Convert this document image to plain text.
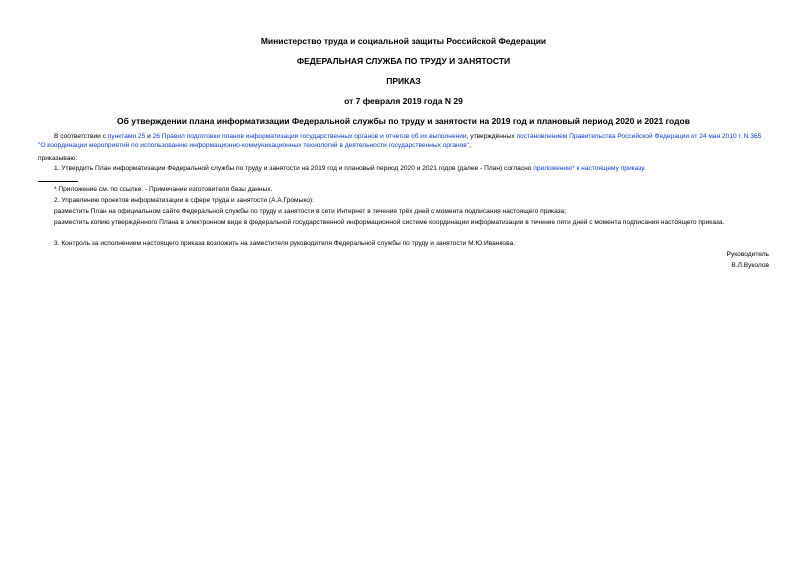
Министерство труда и социальной защиты Российской Федерации

ФЕДЕРАЛЬНАЯ СЛУЖБА ПО ТРУДУ И ЗАНЯТОСТИ

ПРИКАЗ

от 7 февраля 2019 года N 29

Об утверждении плана информатизации Федеральной службы по труду и занятости на 2019 год и плановый период 2020 и 2021 годов

В соответствии с пунктами 25 и 26 Правил подготовки планов информатизации государственных органов и отчетов об их выполнении, утверждённых постановлением Правительства Российской Федерации от 24 мая 2010 г. N 365 "О координации мероприятий по использованию информационно-коммуникационных технологий в деятельности государственных органов",

приказываю:

1. Утвердить План информатизации Федеральной службы по труду и занятости на 2019 год и плановый период 2020 и 2021 годов (далее - План) согласно приложению* к настоящему приказу.

* Приложение см. по ссылке. - Примечание изготовителя базы данных.

2. Управлению проектов информатизации в сфере труда и занятости (А.А.Громыко):

разместить План на официальном сайте Федеральной службы по труду и занятости в сети Интернет в течение трёх дней с момента подписания настоящего приказа;

разместить копию утверждённого Плана в электронном виде в федеральной государственной информационной системе координации информатизации в течение пяти дней с момента подписания настоящего приказа.

3. Контроль за исполнением настоящего приказа возложить на заместителя руководителя Федеральной службы по труду и занятости М.Ю.Иванкова.

Руководитель

В.Л.Вуколов
